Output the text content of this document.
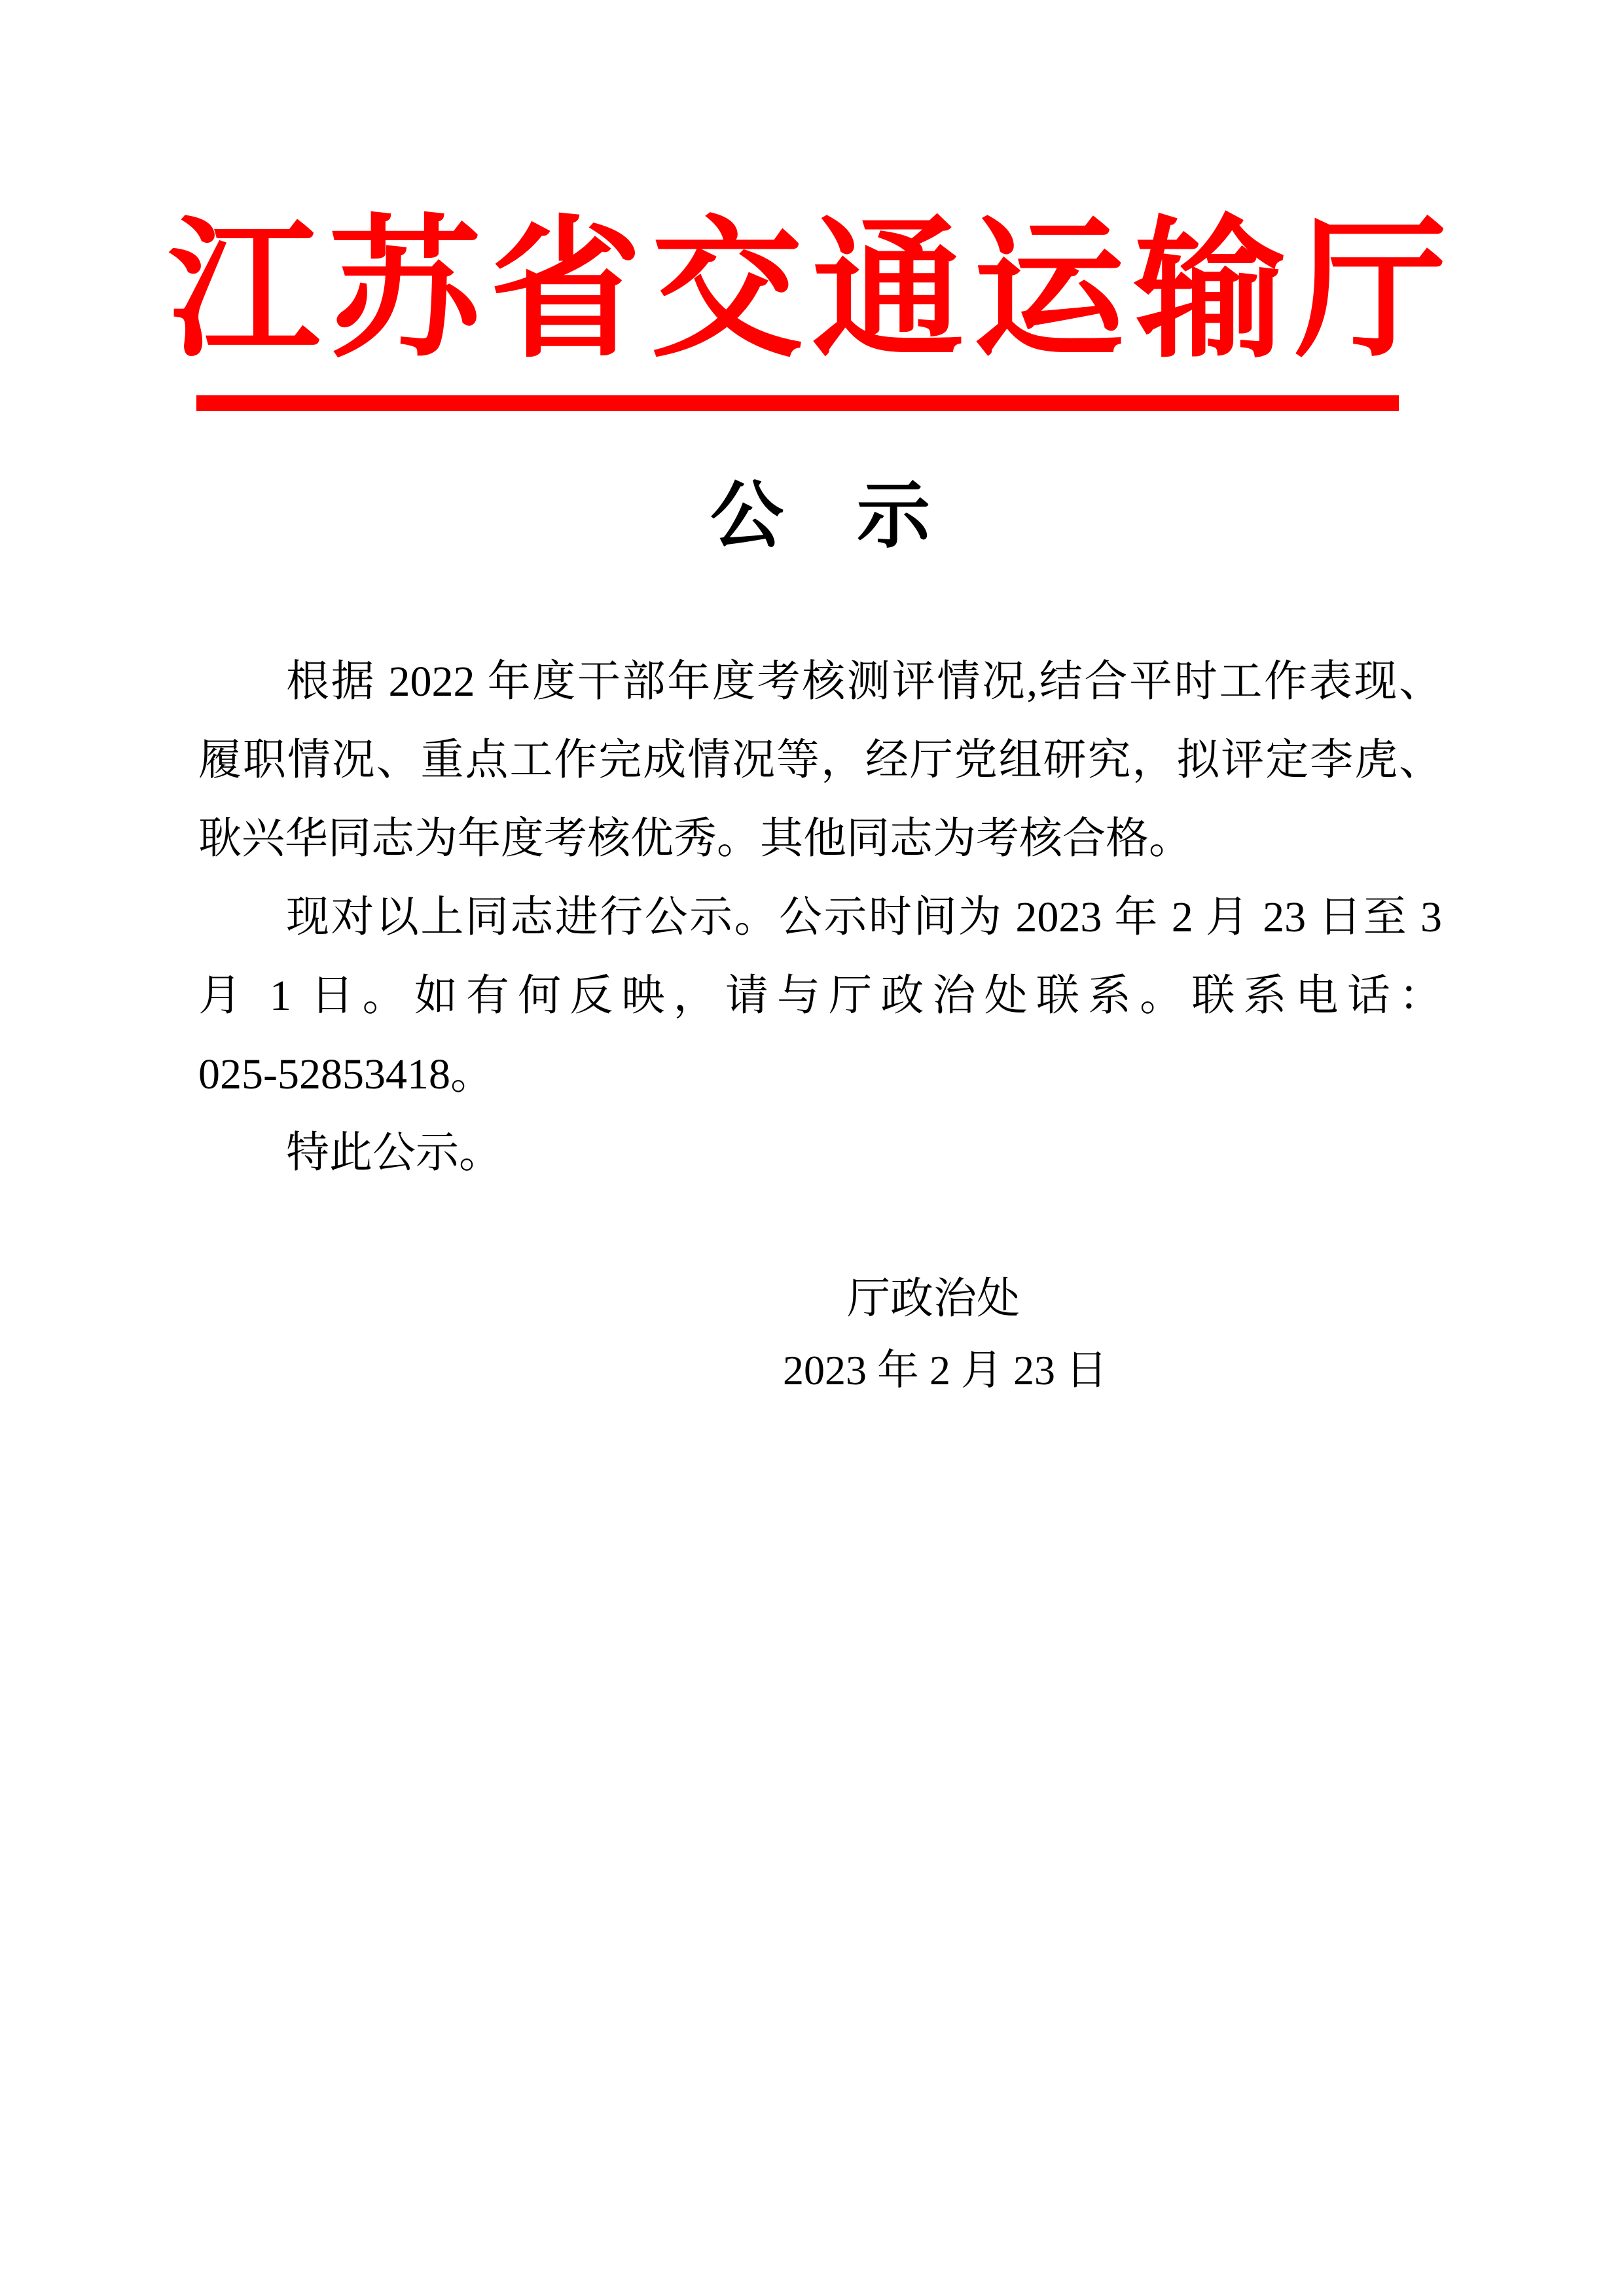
江苏省交通运输厅
公　示

根据 2022 年度干部年度考核测评情况,结合平时工作表现、

履职情况、重点工作完成情况等，经厅党组研究，拟评定李虎、

耿兴华同志为年度考核优秀。其他同志为考核合格。

现对以上同志进行公示。公示时间为 2023 年 2 月 23 日至 3

月 1 日。如有何反映，请与厅政治处联系。联系电话：

025-52853418。

特此公示。

厅政治处
2023 年 2 月 23 日
